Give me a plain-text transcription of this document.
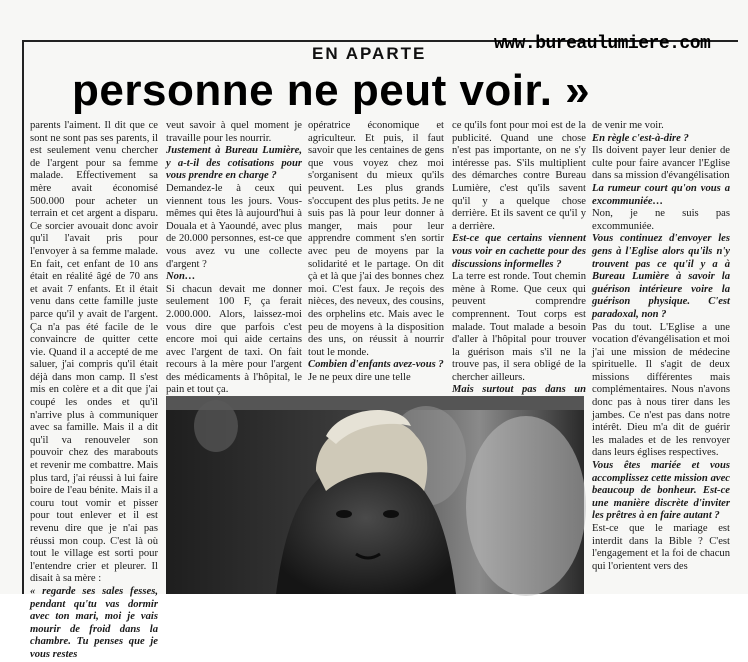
EN APARTE	www.bureaulumiere.com
personne ne peut voir. »

parents l'aiment. Il dit que ce sont ne sont pas ses parents, il est seulement venu chercher de l'argent pour sa femme malade. Effectivement sa mère avait économisé 500.000 pour acheter un terrain et cet argent a disparu. Ce sorcier avouait donc avoir qu'il l'avait pris pour l'envoyer à sa femme malade. En fait, cet enfant de 10 ans était en réalité âgé de 70 ans et avait 7 enfants. Et il était venu dans cette famille juste parce qu'il y avait de l'argent. Ça n'a pas été facile de le convaincre de quitter cette vie. Quand il a accepté de me saluer, j'ai compris qu'il était déjà dans mon camp. Il s'est mis en colère et a dit que j'ai coupé les ondes et qu'il n'arrive plus à communiquer avec sa famille. Mais il a dit qu'il va renouveler son pouvoir chez des marabouts et revenir me combattre. Mais plus tard, j'ai réussi à lui faire boire de l'eau bénite. Mais il a couru tout vomir et pisser pour tout enlever et il est revenu dire que je n'ai pas réussi mon coup. C'est là où tout le village est sorti pour l'entendre crier et pleurer. Il disait à sa mère :

« regarde ses sales fesses, pendant qu'tu vas dormir avec ton mari, moi je vais mourir de froid dans la chambre. Tu penses que je vous restes

veut savoir à quel moment je travaille pour les nourrir.

Justement à Bureau Lumière, y a-t-il des cotisations pour vous prendre en charge ?

Demandez-le à ceux qui viennent tous les jours. Vous-mêmes qui êtes là aujourd'hui à Douala et à Yaoundé, avec plus de 20.000 personnes, est-ce que vous avez vu une collecte d'argent ?

Non…

Si chacun devait me donner seulement 100 F, ça ferait 2.000.000. Alors, laissez-moi vous dire que parfois c'est encore moi qui aide certains avec l'argent de taxi. On fait recours à la mère pour l'argent des médicaments à l'hôpital, le pain et tout ça.

opératrice économique et agriculteur. Et puis, il faut savoir que les centaines de gens que vous voyez chez moi s'organisent du mieux qu'ils peuvent. Les plus grands s'occupent des plus petits. Je ne suis pas là pour leur donner à manger, mais pour leur apprendre comment s'en sortir avec peu de moyens par la solidarité et le partage. On dit çà et là que j'ai des bonnes chez moi. C'est faux. Je reçois des nièces, des neveux, des cousins, des orphelins etc. Mais avec le peu de moyens à la disposition des uns, on réussit à nourrir tout le monde.

Combien d'enfants avez-vous ?

Je ne peux dire une telle

ce qu'ils font pour moi est de la publicité. Quand une chose n'est pas importante, on ne s'y intéresse pas. S'ils multiplient des démarches contre Bureau Lumière, c'est qu'ils savent qu'il y a quelque chose derrière. Et ils savent ce qu'il y a derrière.

Est-ce que certains viennent vous voir en cachette pour des discussions informelles ?

La terre est ronde. Tout chemin mène à Rome. Que ceux qui peuvent comprendre comprennent. Tout corps est malade. Tout malade a besoin d'aller à l'hôpital pour trouver la guérison mais s'il ne la trouve pas, il sera obligé de la chercher ailleurs.

Mais surtout pas dans un

de venir me voir.

En règle c'est-à-dire ?

Ils doivent payer leur denier de culte pour faire avancer l'Eglise dans sa mission d'évangélisation

La rumeur court qu'on vous a excommuniée…

Non, je ne suis pas excommuniée.

Vous continuez d'envoyer les gens à l'Eglise alors qu'ils n'y trouvent pas ce qu'il y a à Bureau Lumière à savoir la guérison intérieure voire la guérison physique. C'est paradoxal, non ?

Pas du tout. L'Eglise a une vocation d'évangélisation et moi j'ai une mission de médecine spirituelle. Il s'agit de deux missions différentes mais complémentaires. Nous n'avons donc pas à nous tirer dans les jambes. Ce n'est pas dans notre intérêt. Dieu m'a dit de guérir les malades et de les renvoyer dans leurs églises respectives.

Vous êtes mariée et vous accomplissez cette mission avec beaucoup de bonheur. Est-ce une manière discrète d'inviter les prêtres à en faire autant ?

Est-ce que le mariage est interdit dans la Bible ? C'est l'engagement et la foi de chacun qui l'orientent vers des
